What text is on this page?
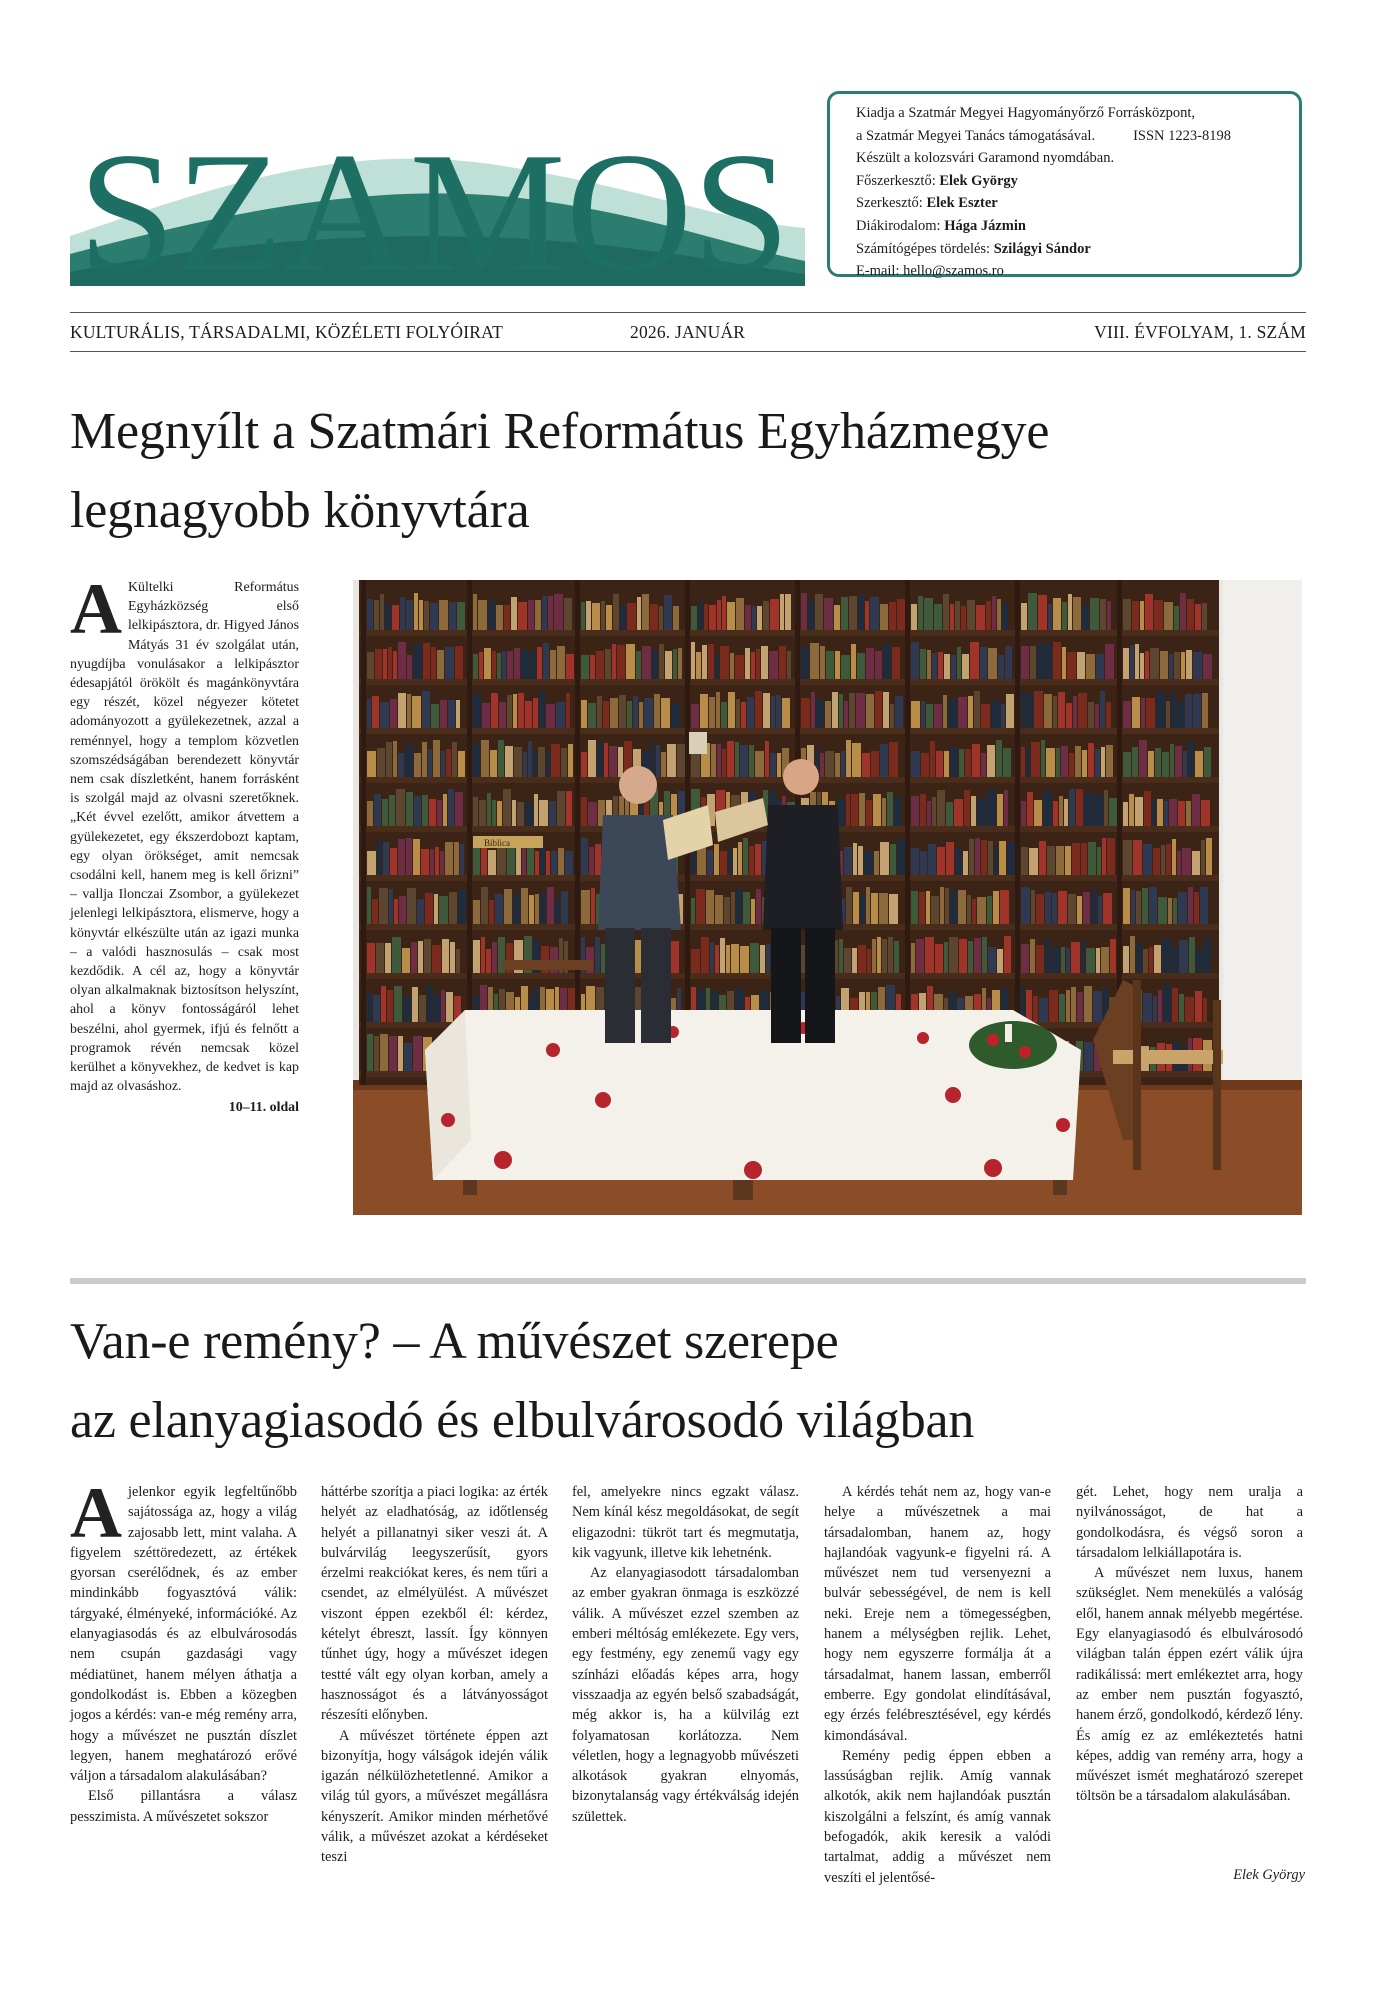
SZAMOS
Kiadja a Szatmár Megyei Hagyományőrző Forrásközpont,
a Szatmár Megyei Tanács támogatásával.	ISSN 1223-8198
Készült a kolozsvári Garamond nyomdában.
Főszerkesztő: Elek György
Szerkesztő: Elek Eszter
Diákirodalom: Hága Jázmin
Számítógépes tördelés: Szilágyi Sándor
E-mail: hello@szamos.ro
KULTURÁLIS, TÁRSADALMI, KÖZÉLETI FOLYÓIRAT	2026. JANUÁR	VIII. ÉVFOLYAM, 1. SZÁM
Megnyílt a Szatmári Református Egyházmegye
legnagyobb könyvtára
A Kültelki Református Egyházközség első lelkipásztora, dr. Higyed János Mátyás 31 év szolgálat után, nyugdíjba vonulásakor a lelkipásztor édesapjától örökölt és magánkönyvtára egy részét, közel négyezer kötetet adományozott a gyülekezetnek, azzal a reménnyel, hogy a templom közvetlen szomszédságában berendezett könyvtár nem csak díszletként, hanem forrásként is szolgál majd az olvasni szeretőknek. „Két évvel ezelőtt, amikor átvettem a gyülekezetet, egy ékszerdobozt kaptam, egy olyan örökséget, amit nemcsak csodálni kell, hanem meg is kell őrizni” – vallja Ilonczai Zsombor, a gyülekezet jelenlegi lelkipásztora, elismerve, hogy a könyvtár elkészülte után az igazi munka – a valódi hasznosulás – csak most kezdődik. A cél az, hogy a könyvtár olyan alkalmaknak biztosítson helyszínt, ahol a könyv fontosságáról lehet beszélni, ahol gyermek, ifjú és felnőtt a programok révén nemcsak közel kerülhet a könyvekhez, de kedvet is kap majd az olvasáshoz.
10–11. oldal
Biblica
Van-e remény? – A művészet szerepe
az elanyagiasodó és elbulvárosodó világban

Ajelenkor egyik legfeltűnőbb sajátossága az, hogy a világ zajosabb lett, mint valaha. A figyelem széttöredezett, az értékek gyorsan cserélődnek, és az ember mindinkább fogyasztóvá válik: tárgyaké, élményeké, információké. Az elanyagiasodás és az elbulvárosodás nem csupán gazdasági vagy médiatünet, hanem mélyen áthatja a gondolkodást is. Ebben a közegben jogos a kérdés: van-e még remény arra, hogy a művészet ne pusztán díszlet legyen, hanem meghatározó erővé váljon a társadalom alakulásában?

Első pillantásra a válasz pesszimista. A művészetet sokszor

háttérbe szorítja a piaci logika: az érték helyét az eladhatóság, az időtlenség helyét a pillanatnyi siker veszi át. A bulvárvilág leegyszerűsít, gyors érzelmi reakciókat keres, és nem tűri a csendet, az elmélyülést. A művészet viszont éppen ezekből él: kérdez, kételyt ébreszt, lassít. Így könnyen tűnhet úgy, hogy a művészet idegen testté vált egy olyan korban, amely a hasznosságot és a látványosságot részesíti előnyben.

A művészet története éppen azt bizonyítja, hogy válságok idején válik igazán nélkülözhetetlenné. Amikor a világ túl gyors, a művészet megállásra kényszerít. Amikor minden mérhetővé válik, a művészet azokat a kérdéseket teszi

fel, amelyekre nincs egzakt válasz. Nem kínál kész megoldásokat, de segít eligazodni: tükröt tart és megmutatja, kik vagyunk, illetve kik lehetnénk.

Az elanyagiasodott társadalomban az ember gyakran önmaga is eszközzé válik. A művészet ezzel szemben az emberi méltóság emlékezete. Egy vers, egy festmény, egy zenemű vagy egy színházi előadás képes arra, hogy visszaadja az egyén belső szabadságát, még akkor is, ha a külvilág ezt folyamatosan korlátozza. Nem véletlen, hogy a legnagyobb művészeti alkotások gyakran elnyomás, bizonytalanság vagy értékválság idején születtek.

A kérdés tehát nem az, hogy van-e helye a művészetnek a mai társadalomban, hanem az, hogy hajlandóak vagyunk-e figyelni rá. A művészet nem tud versenyezni a bulvár sebességével, de nem is kell neki. Ereje nem a tömegességben, hanem a mélységben rejlik. Lehet, hogy nem egyszerre formálja át a társadalmat, hanem lassan, emberről emberre. Egy gondolat elindításával, egy érzés felébresztésével, egy kérdés kimondásával.

Remény pedig éppen ebben a lassúságban rejlik. Amíg vannak alkotók, akik nem hajlandóak pusztán kiszolgálni a felszínt, és amíg vannak befogadók, akik keresik a valódi tartalmat, addig a művészet nem veszíti el jelentősé-

gét. Lehet, hogy nem uralja a nyilvánosságot, de hat a gondolkodásra, és végső soron a társadalom lelkiállapotára is.

A művészet nem luxus, hanem szükséglet. Nem menekülés a valóság elől, hanem annak mélyebb megértése. Egy elanyagiasodó és elbulvárosodó világban talán éppen ezért válik újra radikálissá: mert emlékeztet arra, hogy az ember nem pusztán fogyasztó, hanem érző, gondolkodó, kérdező lény. És amíg ez az emlékeztetés hatni képes, addig van remény arra, hogy a művészet ismét meghatározó szerepet töltsön be a társadalom alakulásában.

Elek György
